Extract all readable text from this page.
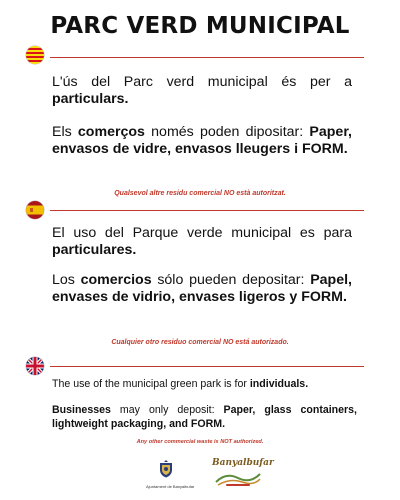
PARC VERD MUNICIPAL

L'ús del Parc verd municipal és per a particulars.

Els comerços només poden dipositar: Paper, envasos de vidre, envasos lleugers i FORM.

Qualsevol altre residu comercial NO està autoritzat.

El uso del Parque verde municipal es para particulares.

Los comercios sólo pueden depositar: Papel, envases de vidrio, envases ligeros y FORM.

Cualquier otro residuo comercial NO está autorizado.

The use of the municipal green park is for individuals.

Businesses may only deposit: Paper, glass containers, lightweight packaging, and FORM.

Any other commercial waste is NOT authorized.
Ajuntament de Banyalbufar
Banyalbufar
